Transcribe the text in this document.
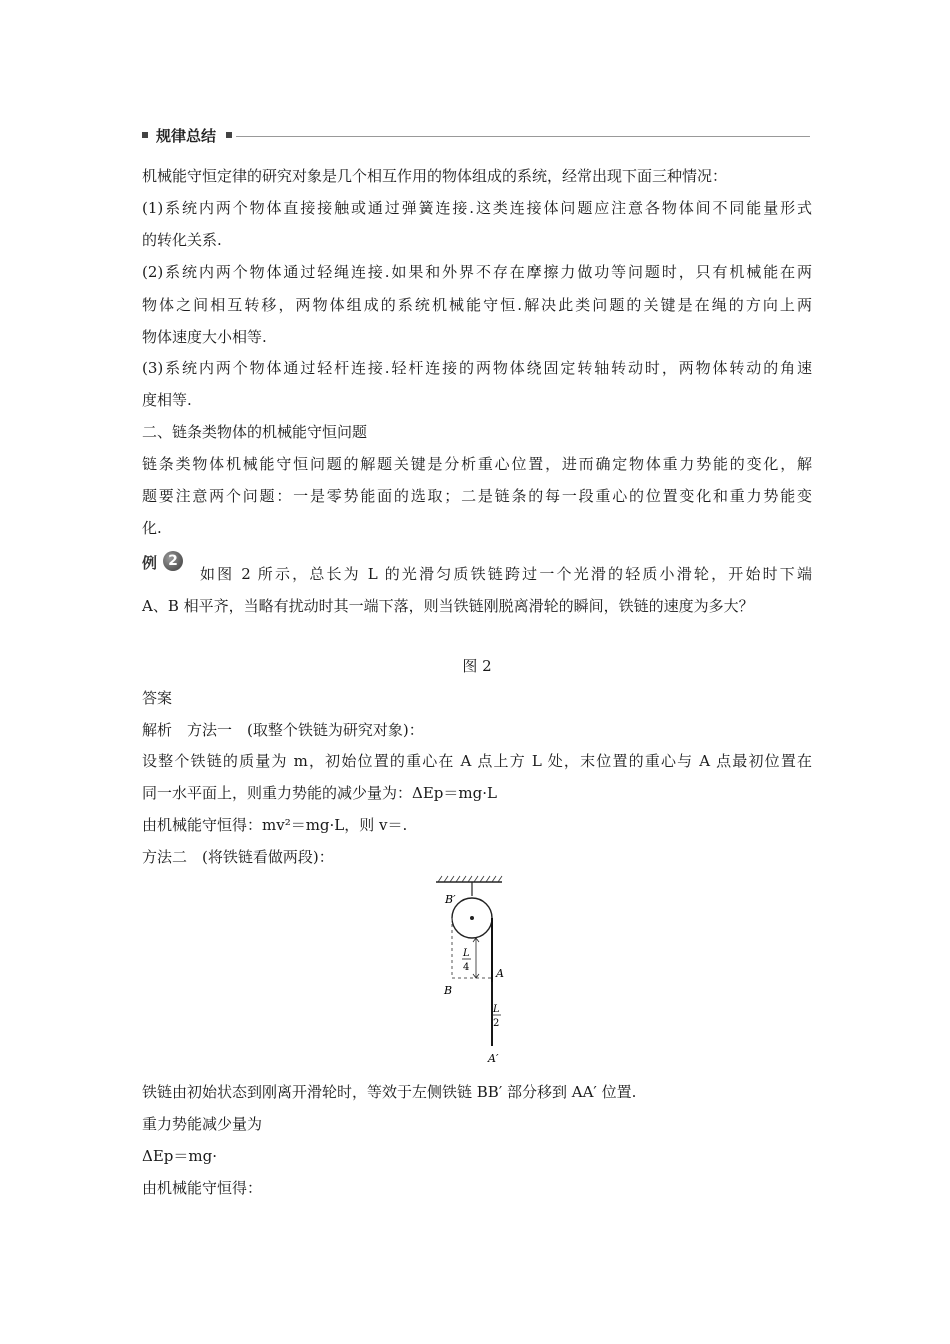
规律总结
机械能守恒定律的研究对象是几个相互作用的物体组成的系统，经常出现下面三种情况：
(1)系统内两个物体直接接触或通过弹簧连接.这类连接体问题应注意各物体间不同能量形式
的转化关系.
(2)系统内两个物体通过轻绳连接.如果和外界不存在摩擦力做功等问题时，只有机械能在两
物体之间相互转移，两物体组成的系统机械能守恒.解决此类问题的关键是在绳的方向上两
物体速度大小相等.
(3)系统内两个物体通过轻杆连接.轻杆连接的两物体绕固定转轴转动时，两物体转动的角速
度相等.
二、链条类物体的机械能守恒问题
链条类物体机械能守恒问题的解题关键是分析重心位置，进而确定物体重力势能的变化，解
题要注意两个问题：一是零势能面的选取；二是链条的每一段重心的位置变化和重力势能变
化.
例 2
如图 2 所示，总长为 L 的光滑匀质铁链跨过一个光滑的轻质小滑轮，开始时下端
A、B 相平齐，当略有扰动时其一端下落，则当铁链刚脱离滑轮的瞬间，铁链的速度为多大？
图 2
答案
解析　方法一　(取整个铁链为研究对象)：
设整个铁链的质量为 m，初始位置的重心在 A 点上方 L 处，末位置的重心与 A 点最初位置在
同一水平面上，则重力势能的减少量为：ΔEp＝mg·L
由机械能守恒得：mv²＝mg·L，则 v＝.
方法二　(将铁链看做两段)：
B′
A
B
A′
L
4
L
2
铁链由初始状态到刚离开滑轮时，等效于左侧铁链 BB′ 部分移到 AA′ 位置.
重力势能减少量为
ΔEp＝mg·
由机械能守恒得：
